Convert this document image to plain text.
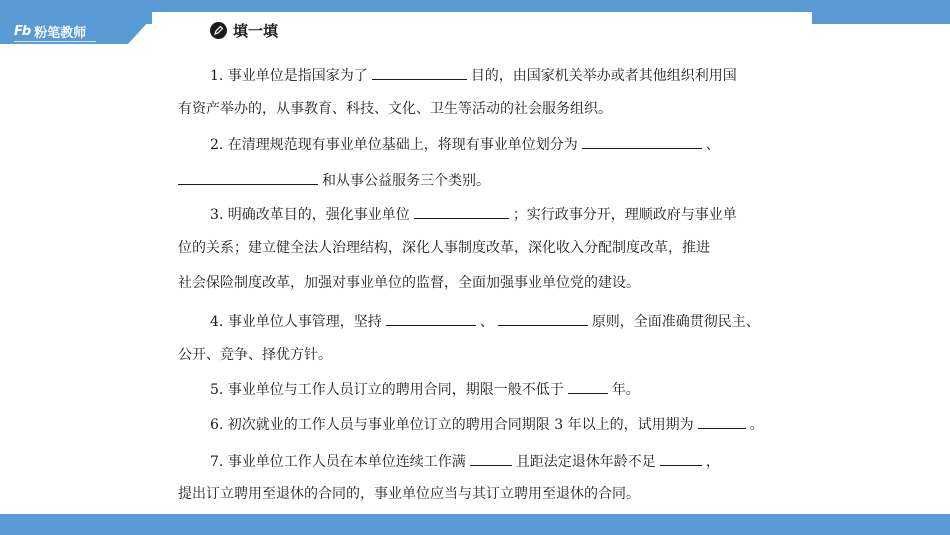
Fb 粉笔教师	填一填
1. 事业单位是指国家为了	目的，由国家机关举办或者其他组织利用国
有资产举办的，从事教育、科技、文化、卫生等活动的社会服务组织。
2. 在清理规范现有事业单位基础上，将现有事业单位划分为	、
和从事公益服务三个类别。
3. 明确改革目的，强化事业单位	；实行政事分开，理顺政府与事业单
位的关系；建立健全法人治理结构，深化人事制度改革，深化收入分配制度改革，推进
社会保险制度改革，加强对事业单位的监督，全面加强事业单位党的建设。
4. 事业单位人事管理，坚持	、	原则，全面准确贯彻民主、
公开、竞争、择优方针。
5. 事业单位与工作人员订立的聘用合同，期限一般不低于	年。
6. 初次就业的工作人员与事业单位订立的聘用合同期限 3 年以上的，试用期为	。
7. 事业单位工作人员在本单位连续工作满	且距法定退休年龄不足	，
提出订立聘用至退休的合同的，事业单位应当与其订立聘用至退休的合同。
